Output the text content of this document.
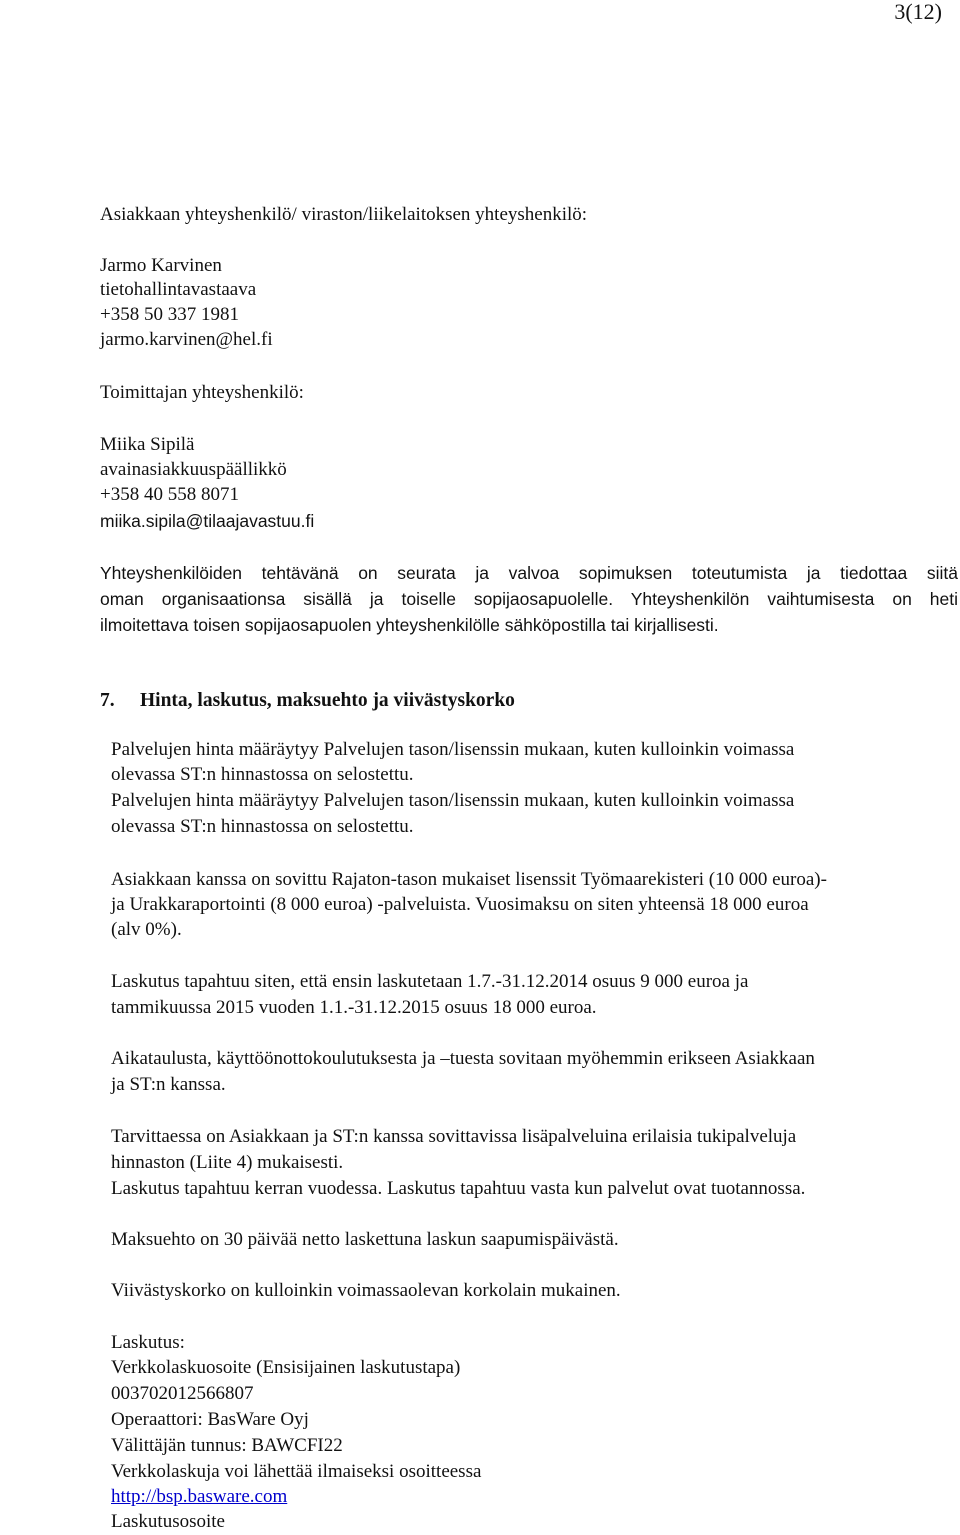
3(12)
Asiakkaan yhteyshenkilö/ viraston/liikelaitoksen yhteyshenkilö:
Jarmo Karvinen
tietohallintavastaava
+358 50 337 1981
jarmo.karvinen@hel.fi
Toimittajan yhteyshenkilö:
Miika Sipilä
avainasiakkuuspäällikkö
+358 40 558 8071
miika.sipila@tilaajavastuu.fi
Yhteyshenkilöiden tehtävänä on seurata ja valvoa sopimuksen toteutumista ja tiedottaa siitä
oman organisaationsa sisällä ja toiselle sopijaosapuolelle. Yhteyshenkilön vaihtumisesta on heti
ilmoitettava toisen sopijaosapuolen yhteyshenkilölle sähköpostilla tai kirjallisesti.
7. Hinta, laskutus, maksuehto ja viivästyskorko
Palvelujen hinta määräytyy Palvelujen tason/lisenssin mukaan, kuten kulloinkin voimassa
olevassa ST:n hinnastossa on selostettu.
Palvelujen hinta määräytyy Palvelujen tason/lisenssin mukaan, kuten kulloinkin voimassa
olevassa ST:n hinnastossa on selostettu.
Asiakkaan kanssa on sovittu Rajaton-tason mukaiset lisenssit Työmaarekisteri (10 000 euroa)-
ja Urakkaraportointi (8 000 euroa) -palveluista. Vuosimaksu on siten yhteensä 18 000 euroa
(alv 0%).
Laskutus tapahtuu siten, että ensin laskutetaan 1.7.-31.12.2014 osuus 9 000 euroa ja
tammikuussa 2015 vuoden 1.1.-31.12.2015 osuus 18 000 euroa.
Aikataulusta, käyttöönottokoulutuksesta ja –tuesta sovitaan myöhemmin erikseen Asiakkaan
ja ST:n kanssa.
Tarvittaessa on Asiakkaan ja ST:n kanssa sovittavissa lisäpalveluina erilaisia tukipalveluja
hinnaston (Liite 4) mukaisesti.
Laskutus tapahtuu kerran vuodessa. Laskutus tapahtuu vasta kun palvelut ovat tuotannossa.
Maksuehto on 30 päivää netto laskettuna laskun saapumispäivästä.
Viivästyskorko on kulloinkin voimassaolevan korkolain mukainen.
Laskutus:
Verkkolaskuosoite (Ensisijainen laskutustapa)
003702012566807
Operaattori: BasWare Oyj
Välittäjän tunnus: BAWCFI22
Verkkolaskuja voi lähettää ilmaiseksi osoitteessa
http://bsp.basware.com
Laskutusosoite
